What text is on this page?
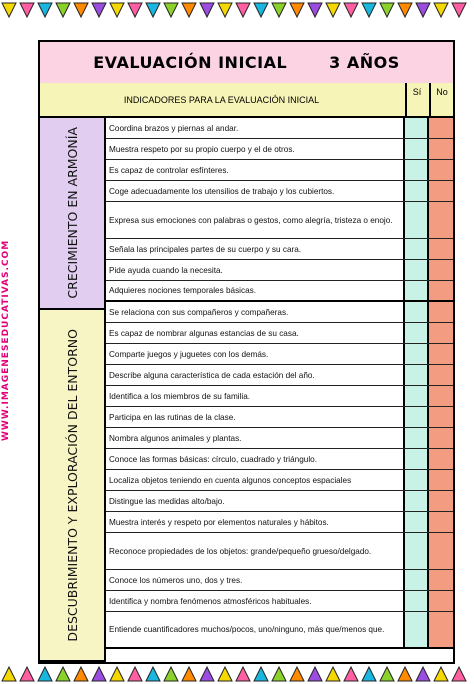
WWW.IMAGENESEDUCATIVAS.COM
EVALUACIÓN INICIAL	3 AÑOS
INDICADORES PARA LA EVALUACIÓN INICIAL
Sí	No
CRECIMIENTO EN ARMONÍA
DESCUBRIMIENTO Y EXPLORACIÓN DEL ENTORNO
Coordina brazos y piernas al andar.
Muestra respeto por su propio cuerpo y el de otros.
Es capaz de controlar esfínteres.
Coge adecuadamente los utensilios de trabajo y los cubiertos.
Expresa sus emociones con palabras o gestos, como alegría, tristeza o enojo.
Señala las principales partes de su cuerpo y su cara.
Pide ayuda cuando la necesita.
Adquieres nociones temporales básicas.
Se relaciona con sus compañeros y compañeras.
Es capaz de nombrar algunas estancias de su casa.
Comparte juegos y juguetes con los demás.
Describe alguna característica de cada estación del año.
Identifica a los miembros de su familia.
Participa en las rutinas de la clase.
Nombra algunos animales y plantas.
Conoce las formas básicas: círculo, cuadrado y triángulo.
Localiza objetos teniendo en cuenta algunos conceptos espaciales
Distingue las medidas alto/bajo.
Muestra interés y respeto por elementos naturales y hábitos.
Reconoce propiedades de los objetos: grande/pequeño grueso/delgado.
Conoce los números uno, dos y tres.
Identifica y nombra fenómenos atmosféricos habituales.
Entiende cuantificadores muchos/pocos, uno/ninguno, más que/menos que.
